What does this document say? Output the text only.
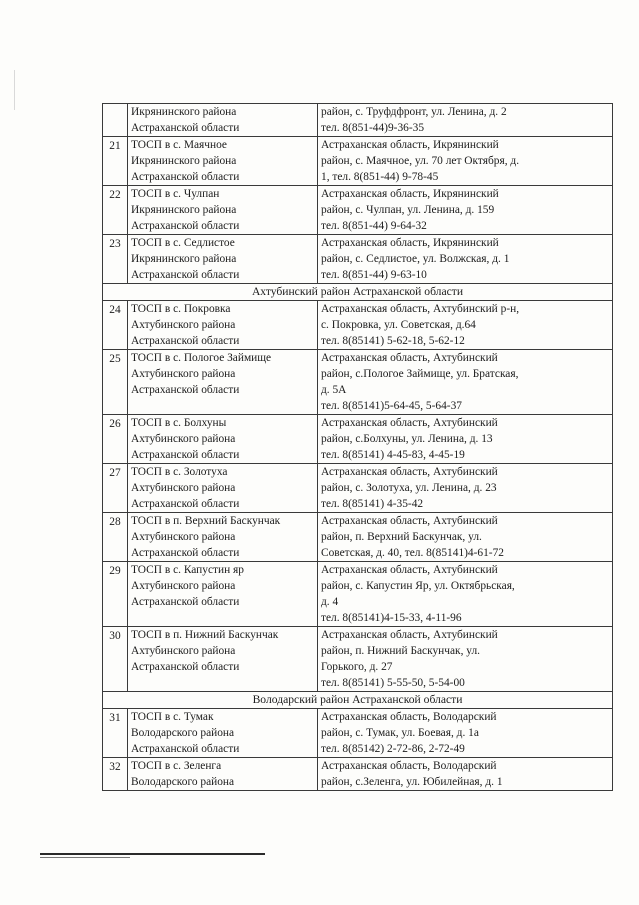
	Икрянинского района
Астраханской области	район, с. Труфдфронт, ул. Ленина, д. 2
тел. 8(851-44)9-36-35

21	ТОСП в с. Маячное
Икрянинского района
Астраханской области	Астраханская область, Икрянинский
район, с. Маячное, ул. 70 лет Октября, д.
1, тел. 8(851-44) 9-78-45

22	ТОСП в с. Чулпан
Икрянинского района
Астраханской области	Астраханская область, Икрянинский
район, с. Чулпан, ул. Ленина, д. 159
тел. 8(851-44) 9-64-32

23	ТОСП в с. Седлистое
Икрянинского района
Астраханской области	Астраханская область, Икрянинский
район, с. Седлистое, ул. Волжская, д. 1
тел. 8(851-44) 9-63-10

Ахтубинский район Астраханской области		
24	ТОСП в с. Покровка
Ахтубинского района
Астраханской области	Астраханская область, Ахтубинский р-н,
с. Покровка, ул. Советская, д.64
тел. 8(85141) 5-62-18, 5-62-12

25	ТОСП в с. Пологое Займище
Ахтубинского района
Астраханской области	Астраханская область, Ахтубинский
район, с.Пологое Займище, ул. Братская,
д. 5А
тел. 8(85141)5-64-45, 5-64-37

26	ТОСП в с. Болхуны
Ахтубинского района
Астраханской области	Астраханская область, Ахтубинский
район, с.Болхуны, ул. Ленина, д. 13
тел. 8(85141) 4-45-83, 4-45-19

27	ТОСП в с. Золотуха
Ахтубинского района
Астраханской области	Астраханская область, Ахтубинский
район, с. Золотуха, ул. Ленина, д. 23
тел. 8(85141) 4-35-42

28	ТОСП в п. Верхний Баскунчак
Ахтубинского района
Астраханской области	Астраханская область, Ахтубинский
район, п. Верхний Баскунчак, ул.
Советская, д. 40, тел. 8(85141)4-61-72

29	ТОСП в с. Капустин яр
Ахтубинского района
Астраханской области	Астраханская область, Ахтубинский
район, с. Капустин Яр, ул. Октябрьская,
д. 4
тел. 8(85141)4-15-33, 4-11-96

30	ТОСП в п. Нижний Баскунчак
Ахтубинского района
Астраханской области	Астраханская область, Ахтубинский
район, п. Нижний Баскунчак, ул.
Горького, д. 27
тел. 8(85141) 5-55-50, 5-54-00

Володарский район Астраханской области		
31	ТОСП в с. Тумак
Володарского района
Астраханской области	Астраханская область, Володарский
район, с. Тумак, ул. Боевая, д. 1а
тел. 8(85142) 2-72-86, 2-72-49

32	ТОСП в с. Зеленга
Володарского района	Астраханская область, Володарский
район, с.Зеленга, ул. Юбилейная, д. 1
